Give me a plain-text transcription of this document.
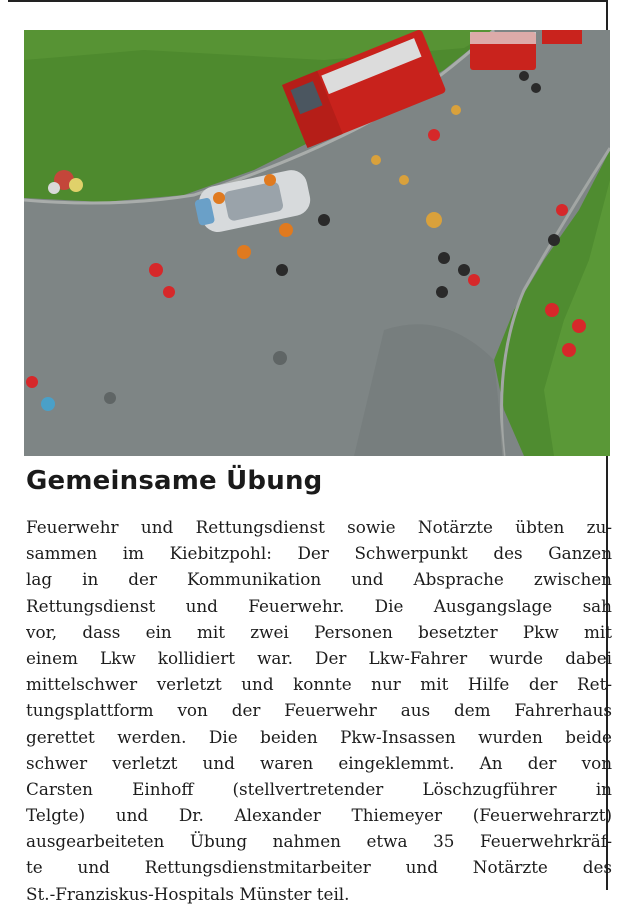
Gemeinsame Übung
Feuerwehr und Rettungsdienst sowie Notärzte übten zu-
sammen im Kiebitzpohl: Der Schwerpunkt des Ganzen
lag in der Kommunikation und Absprache zwischen
Rettungsdienst und Feuerwehr. Die Ausgangslage sah
vor, dass ein mit zwei Personen besetzter Pkw mit
einem Lkw kollidiert war. Der Lkw-Fahrer wurde dabei
mittelschwer verletzt und konnte nur mit Hilfe der Ret-
tungsplattform von der Feuerwehr aus dem Fahrerhaus
gerettet werden. Die beiden Pkw-Insassen wurden beide
schwer verletzt und waren eingeklemmt. An der von
Carsten Einhoff (stellvertretender Löschzugführer in
Telgte) und Dr. Alexander Thiemeyer (Feuerwehrarzt)
ausgearbeiteten Übung nahmen etwa 35 Feuerwehrkräf-
te und Rettungsdienstmitarbeiter und Notärzte des
St.-Franziskus-Hospitals Münster teil.
